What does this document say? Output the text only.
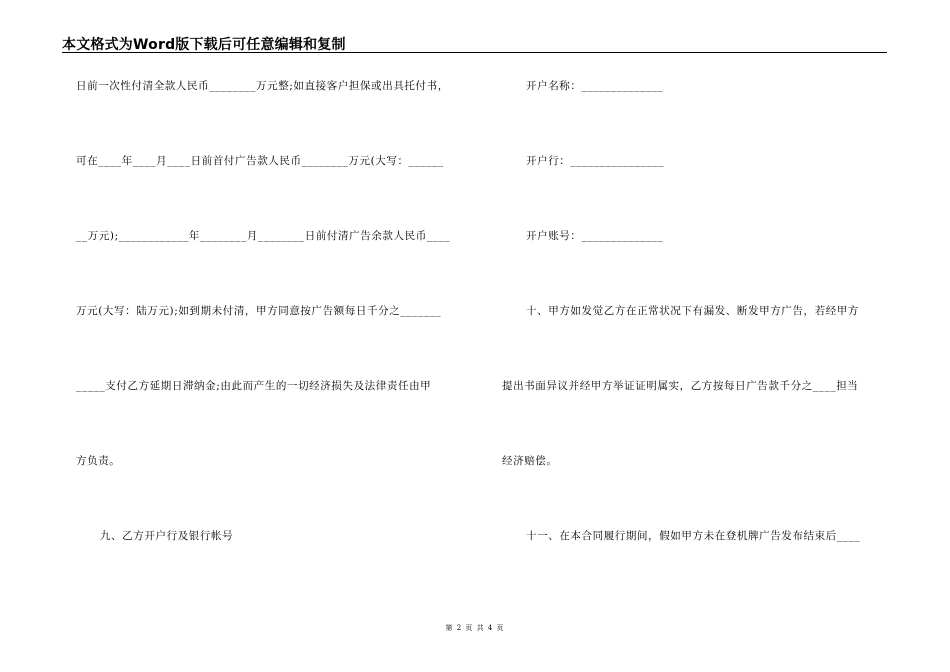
本文格式为Word版下载后可任意编辑和复制
日前一次性付清全款人民币________万元整;如直接客户担保或出具托付书，
可在____年____月____日前首付广告款人民币________万元(大写：______
__万元);____________年________月________日前付清广告余款人民币____
万元(大写：陆万元);如到期未付清，甲方同意按广告额每日千分之_______
_____支付乙方延期日滞纳金;由此而产生的一切经济损失及法律责任由甲
方负责。
九、乙方开户行及银行帐号
开户名称：______________
开户行：________________
开户账号：______________
十、甲方如发觉乙方在正常状况下有漏发、断发甲方广告，若经甲方
提出书面异议并经甲方举证证明属实，乙方按每日广告款千分之____担当
经济赔偿。
十一、在本合同履行期间，假如甲方未在登机牌广告发布结束后____
第 2 页 共 4 页
